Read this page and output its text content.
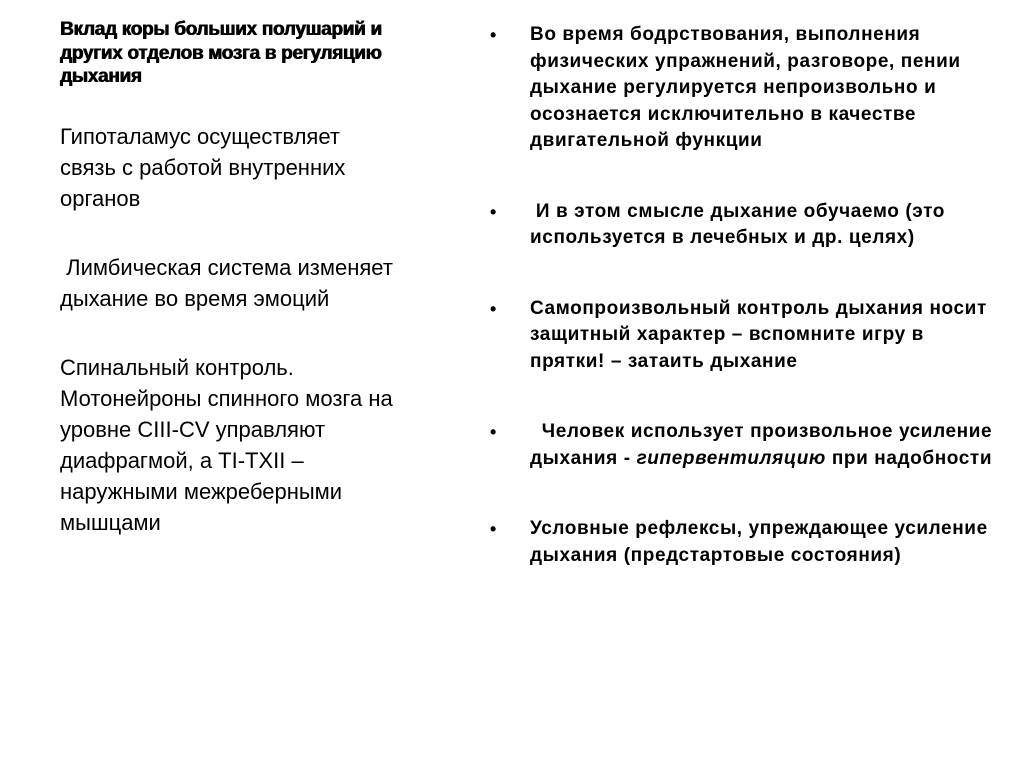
Вклад коры больших полушарий и других отделов мозга в регуляцию дыхания
Гипоталамус осуществляет связь с работой внутренних органов
Лимбическая система изменяет дыхание во время эмоций
Спинальный контроль. Мотонейроны спинного мозга на уровне CIII-CV управляют диафрагмой, а TI-TXII – наружными межреберными мышцами
•	Во время бодрствования, выполнения физических упражнений, разговоре, пении дыхание регулируется непроизвольно и осознается исключительно в качестве двигательной функции
•	И в этом смысле дыхание обучаемо (это используется в лечебных и др. целях)
•	Самопроизвольный контроль дыхания носит защитный характер – вспомните игру в прятки! – затаить дыхание
•	Человек использует произвольное усиление дыхания - гипервентиляцию при надобности
•	Условные рефлексы, упреждающее усиление дыхания (предстартовые состояния)
